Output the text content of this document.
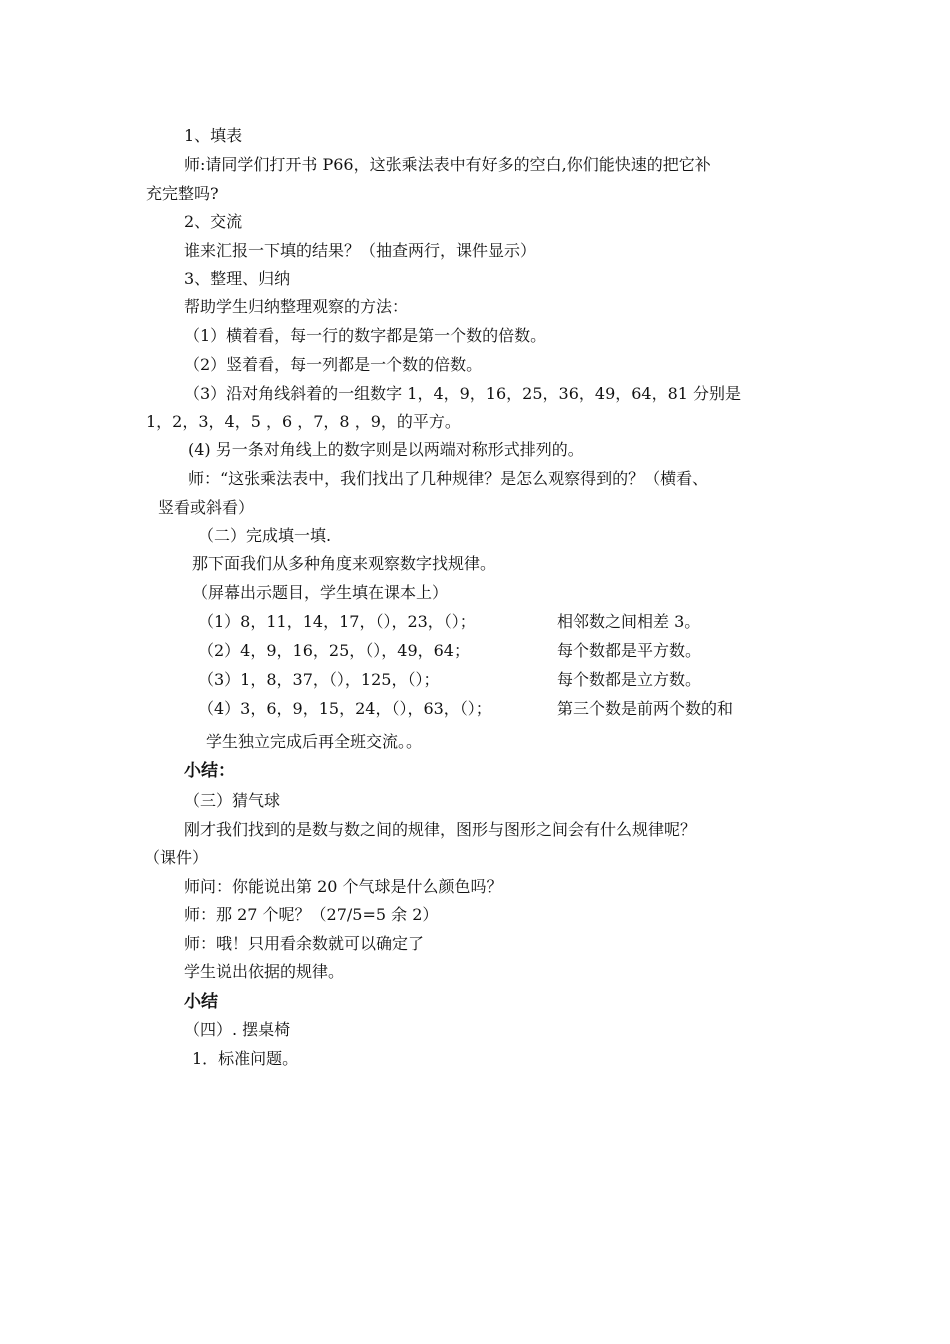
1、填表
师:请同学们打开书 P66，这张乘法表中有好多的空白,你们能快速的把它补
充完整吗?
2、交流
谁来汇报一下填的结果？（抽查两行，课件显示）
3、整理、归纳
帮助学生归纳整理观察的方法：
（1）横着看，每一行的数字都是第一个数的倍数。
（2）竖着看，每一列都是一个数的倍数。
（3）沿对角线斜着的一组数字 1，4，9，16，25，36，49，64，81 分别是
1，2，3，4，5 ，6 ，7，8 ，9，的平方。
(4) 另一条对角线上的数字则是以两端对称形式排列的。
师：“这张乘法表中，我们找出了几种规律？是怎么观察得到的？（横看、
竖看或斜看）
（二）完成填一填.
那下面我们从多种角度来观察数字找规律。
（屏幕出示题目，学生填在课本上）
（1）8，11，14，17，（），23，（）；	相邻数之间相差 3。
（2）4，9，16，25，（），49，64；	每个数都是平方数。
（3）1，8，37，（），125，（）；	每个数都是立方数。
（4）3，6，9，15，24，（），63，（）；	第三个数是前两个数的和
学生独立完成后再全班交流。。
小结：
（三）猜气球
刚才我们找到的是数与数之间的规律，图形与图形之间会有什么规律呢？
（课件）
师问：你能说出第 20 个气球是什么颜色吗？
师：那 27 个呢？（27/5=5 余 2）
师：哦！只用看余数就可以确定了
学生说出依据的规律。
小结
（四）. 摆桌椅
1．标准问题。
